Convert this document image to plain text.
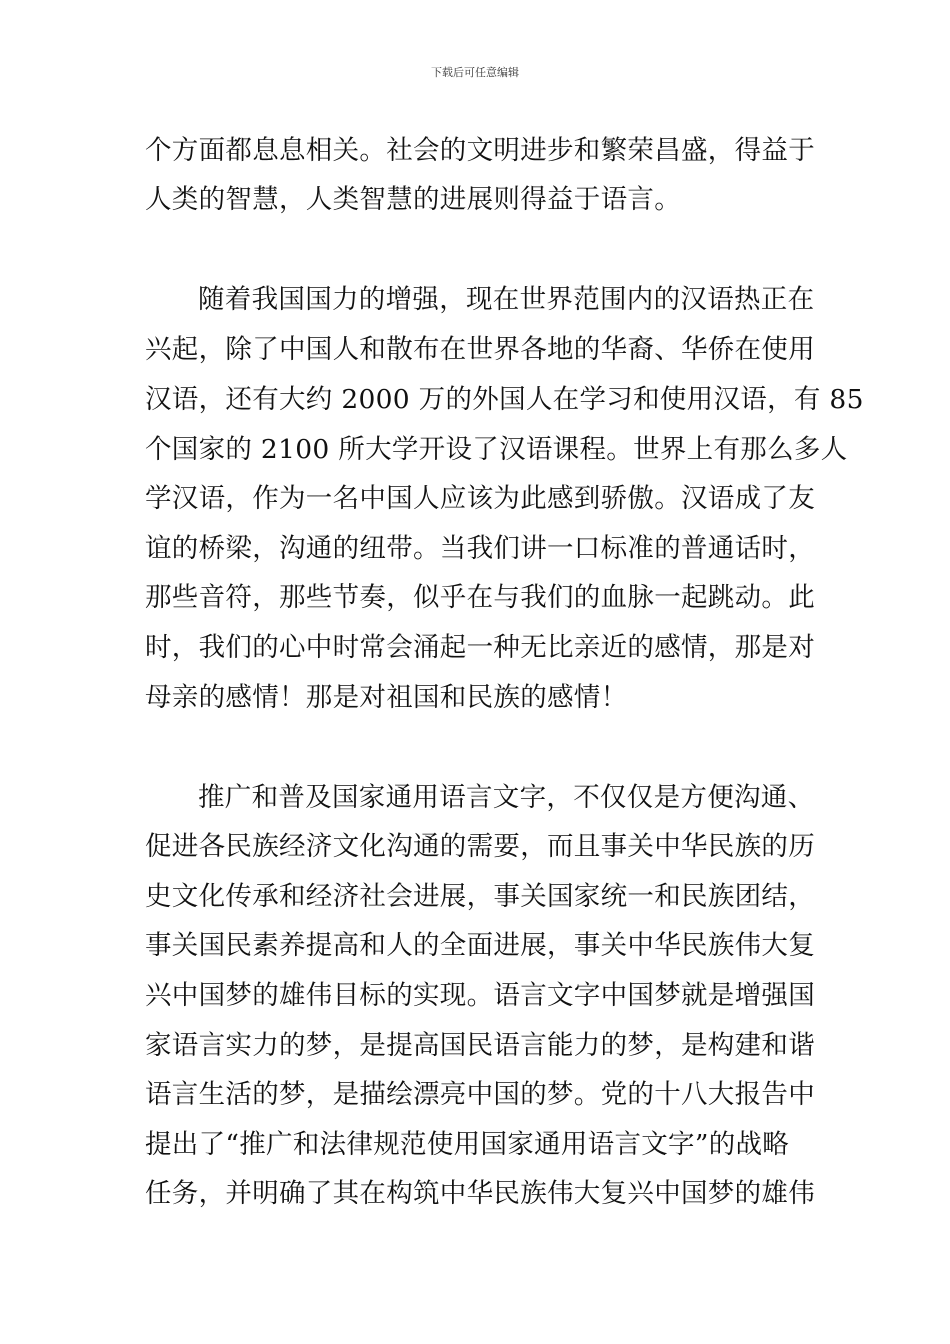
下载后可任意编辑
个方面都息息相关。社会的文明进步和繁荣昌盛，得益于
人类的智慧，人类智慧的进展则得益于语言。
随着我国国力的增强，现在世界范围内的汉语热正在
兴起，除了中国人和散布在世界各地的华裔、华侨在使用
汉语，还有大约 2000 万的外国人在学习和使用汉语，有 85
个国家的 2100 所大学开设了汉语课程。世界上有那么多人
学汉语，作为一名中国人应该为此感到骄傲。汉语成了友
谊的桥梁，沟通的纽带。当我们讲一口标准的普通话时，
那些音符，那些节奏，似乎在与我们的血脉一起跳动。此
时，我们的心中时常会涌起一种无比亲近的感情，那是对
母亲的感情！那是对祖国和民族的感情！
推广和普及国家通用语言文字，不仅仅是方便沟通、
促进各民族经济文化沟通的需要，而且事关中华民族的历
史文化传承和经济社会进展，事关国家统一和民族团结，
事关国民素养提高和人的全面进展，事关中华民族伟大复
兴中国梦的雄伟目标的实现。语言文字中国梦就是增强国
家语言实力的梦，是提高国民语言能力的梦，是构建和谐
语言生活的梦，是描绘漂亮中国的梦。党的十八大报告中
提出了“推广和法律规范使用国家通用语言文字”的战略
任务，并明确了其在构筑中华民族伟大复兴中国梦的雄伟
